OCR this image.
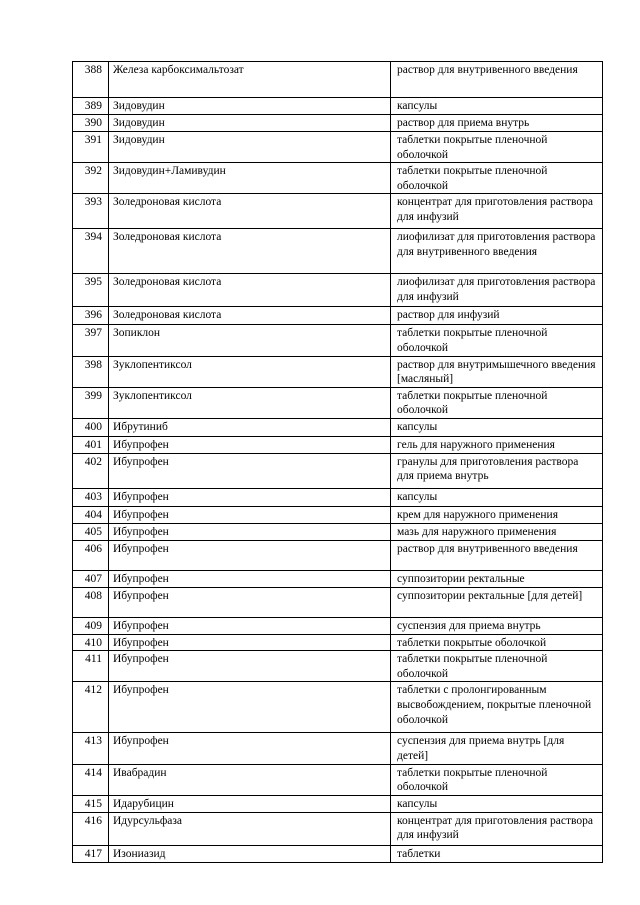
388	Железа карбоксимальтозат	раствор для внутривенного введения
389	Зидовудин	капсулы
390	Зидовудин	раствор для приема внутрь
391	Зидовудин	таблетки покрытые пленочной оболочкой
392	Зидовудин+Ламивудин	таблетки покрытые пленочной оболочкой
393	Золедроновая кислота	концентрат для приготовления раствора для инфузий
394	Золедроновая кислота	лиофилизат для приготовления раствора для внутривенного введения
395	Золедроновая кислота	лиофилизат для приготовления раствора для инфузий
396	Золедроновая кислота	раствор для инфузий
397	Зопиклон	таблетки покрытые пленочной оболочкой
398	Зуклопентиксол	раствор для внутримышечного введения [масляный]
399	Зуклопентиксол	таблетки покрытые пленочной оболочкой
400	Ибрутиниб	капсулы
401	Ибупрофен	гель для наружного применения
402	Ибупрофен	гранулы для приготовления раствора для приема внутрь
403	Ибупрофен	капсулы
404	Ибупрофен	крем для наружного применения
405	Ибупрофен	мазь для наружного применения
406	Ибупрофен	раствор для внутривенного введения
407	Ибупрофен	суппозитории ректальные
408	Ибупрофен	суппозитории ректальные [для детей]
409	Ибупрофен	суспензия для приема внутрь
410	Ибупрофен	таблетки покрытые оболочкой
411	Ибупрофен	таблетки покрытые пленочной оболочкой
412	Ибупрофен	таблетки с пролонгированным высвобождением, покрытые пленочной оболочкой
413	Ибупрофен	суспензия для приема внутрь [для детей]
414	Ивабрадин	таблетки покрытые пленочной оболочкой
415	Идарубицин	капсулы
416	Идурсульфаза	концентрат для приготовления раствора для инфузий
417	Изониазид	таблетки
